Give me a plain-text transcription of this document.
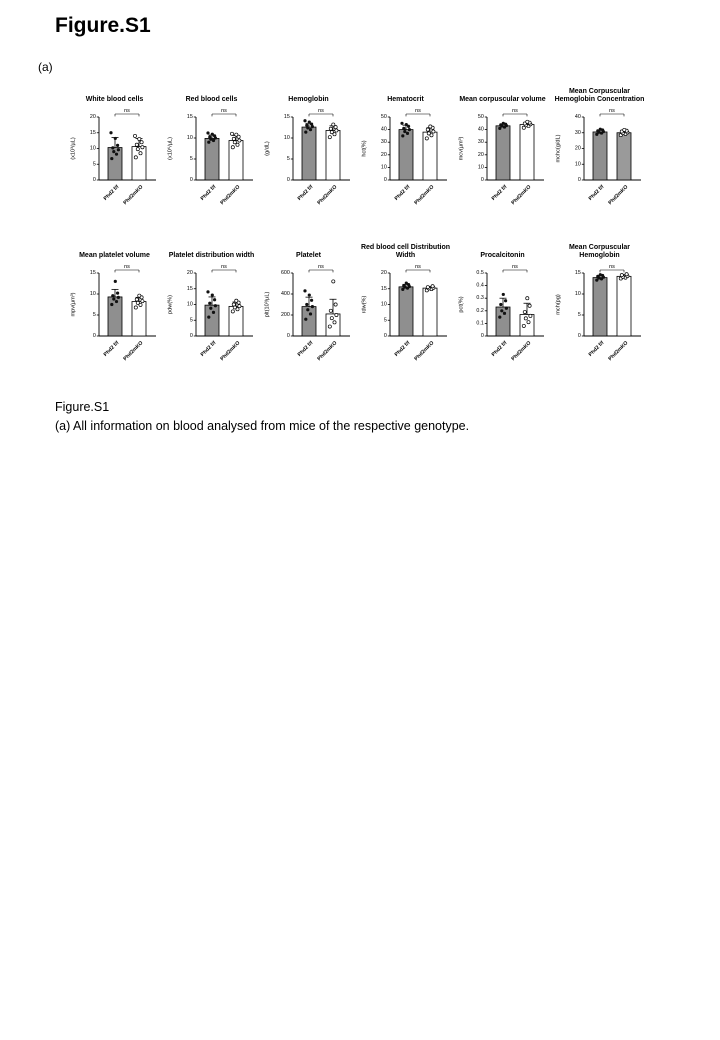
Figure.S1
(a)
White blood cells
0
5
10
15
20
(x10³/µL)
Phd2 f/f Phd2mKO
ns
Red blood cells
0
5
10
15
(x10⁶/µL)
Phd2 f/f Phd2mKO
ns
Hemoglobin
0
5
10
15
(g/dL)
Phd2 f/f Phd2mKO
ns
Hematocrit
0
10
20
30
40
50
hct(%)
Phd2 f/f Phd2mKO
ns
Mean corpuscular volume
0
10
20
30
40
50
mcv(µm³)
Phd2 f/f Phd2mKO
ns
Mean Corpuscular Hemoglobin Concentration
0
10
20
30
40
mchc(g/dL)
Phd2 f/f Phd2mKO
ns
Mean platelet volume
0
5
10
15
mpv(µm³)
Phd2 f/f Phd2mKO
ns
Platelet distribution width
0
5
10
15
20
pdw(%)
Phd2 f/f Phd2mKO
ns
Platelet
0
200
400
600
plt(10³/µL)
Phd2 f/f Phd2mKO
ns
Red blood cell Distribution Width
0
5
10
15
20
rdw(%)
Phd2 f/f Phd2mKO
ns
Procalcitonin
0
0.1
0.2
0.3
0.4
0.5
pct(%)
Phd2 f/f Phd2mKO
ns
Mean Corpuscular Hemoglobin
0
5
10
15
mch(pg)
Phd2 f/f Phd2mKO
ns
Figure.S1
(a) All information on blood analysed from mice of the respective genotype.
